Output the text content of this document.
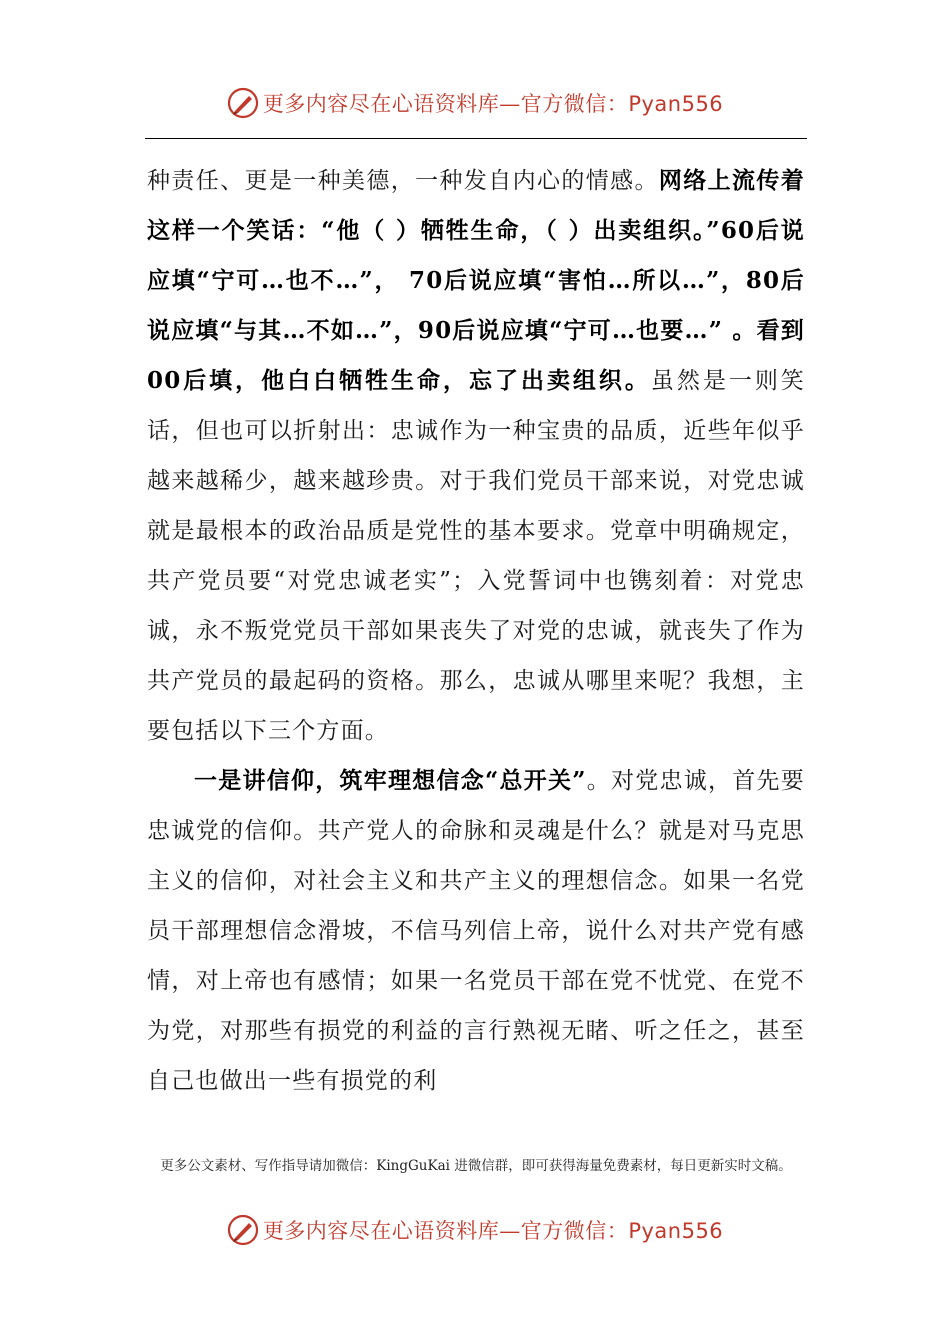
更多内容尽在心语资料库—官方微信：Pyan556

种责任、更是一种美德，一种发自内心的情感。网络上流传着这样一个笑话：“他（ ）牺牲生命，（ ）出卖组织。”60后说应填“宁可…也不…”， 70后说应填“害怕…所以…”，80后说应填“与其…不如…”，90后说应填“宁可…也要…” 。看到00后填，他白白牺牲生命，忘了出卖组织。虽然是一则笑话，但也可以折射出：忠诚作为一种宝贵的品质，近些年似乎越来越稀少，越来越珍贵。对于我们党员干部来说，对党忠诚就是最根本的政治品质是党性的基本要求。党章中明确规定，共产党员要“对党忠诚老实”；入党誓词中也镌刻着：对党忠诚，永不叛党党员干部如果丧失了对党的忠诚，就丧失了作为共产党员的最起码的资格。那么，忠诚从哪里来呢？我想，主要包括以下三个方面。

一是讲信仰，筑牢理想信念“总开关”。对党忠诚，首先要忠诚党的信仰。共产党人的命脉和灵魂是什么？就是对马克思主义的信仰，对社会主义和共产主义的理想信念。如果一名党员干部理想信念滑坡，不信马列信上帝，说什么对共产党有感情，对上帝也有感情；如果一名党员干部在党不忧党、在党不为党，对那些有损党的利益的言行熟视无睹、听之任之，甚至自己也做出一些有损党的利

更多公文素材、写作指导请加微信：KingGuKai 进微信群，即可获得海量免费素材，每日更新实时文稿。
更多内容尽在心语资料库—官方微信：Pyan556
